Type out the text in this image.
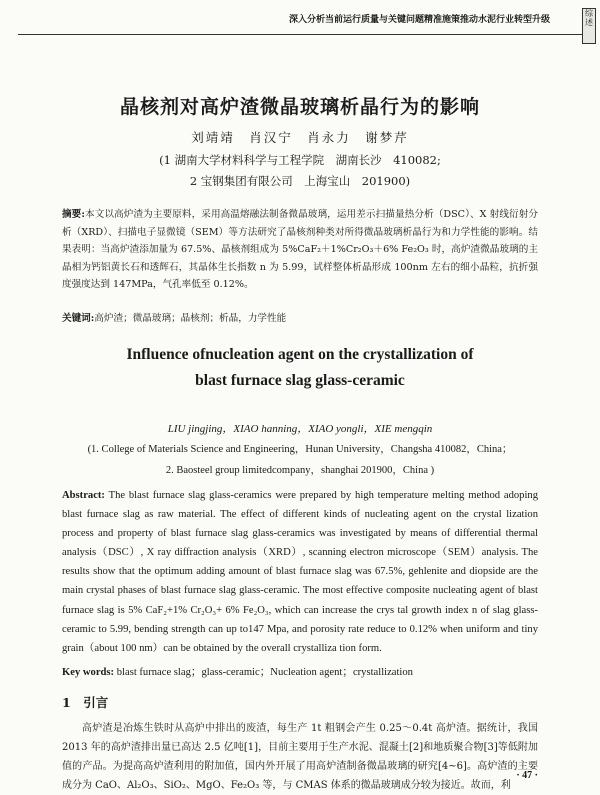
深入分析当前运行质量与关键问题精准施策推动水泥行业转型升级
综述
晶核剂对高炉渣微晶玻璃析晶行为的影响
刘靖靖　肖汉宁　肖永力　谢梦芹
(1 湖南大学材料科学与工程学院　湖南长沙　410082;
2 宝钢集团有限公司　上海宝山　201900)
摘要:本文以高炉渣为主要原料，采用高温熔融法制备微晶玻璃，运用差示扫描量热分析（DSC）、X 射线衍射分析（XRD）、扫描电子显微镜（SEM）等方法研究了晶核剂种类对所得微晶玻璃析晶行为和力学性能的影响。结果表明：当高炉渣添加量为 67.5%、晶核剂组成为 5%CaF₂＋1%Cr₂O₃＋6% Fe₂O₃ 时，高炉渣微晶玻璃的主晶相为钙铝黄长石和透辉石，其晶体生长指数 n 为 5.99，试样整体析晶形成 100nm 左右的细小晶粒，抗折强度强度达到 147MPa，气孔率低至 0.12%。
关键词:高炉渣；微晶玻璃；晶核剂；析晶，力学性能
Influence ofnucleation agent on the crystallization of
blast furnace slag glass-ceramic
LIU jingjing，XIAO hanning，XIAO yongli，XIE mengqin
(1. College of Materials Science and Engineering，Hunan University，Changsha 410082，China；
2. Baosteel group limitedcompany，shanghai 201900，China )
Abstract: The blast furnace slag glass-ceramics were prepared by high temperature melting method adoping blast furnace slag as raw material. The effect of different kinds of nucleating agent on the crystal lization process and property of blast furnace slag glass-ceramics was investigated by means of differential thermal analysis（DSC）, X ray diffraction analysis（XRD）, scanning electron microscope（SEM）analysis. The results show that the optimum adding amount of blast furnace slag was 67.5%, gehlenite and diopside are the main crystal phases of blast furnace slag glass-ceramic. The most effective composite nucleating agent of blast furnace slag is 5% CaF₂+1% Cr₂O₃+ 6% Fe₂O₃, which can increase the crys tal growth index n of slag glass-ceramic to 5.99, bending strength can up to147 Mpa, and porosity rate reduce to 0.12% when uniform and tiny grain（about 100 nm）can be obtained by the overall crystalliza tion form.
Key words: blast furnace slag；glass-ceramic；Nucleation agent；crystallization
1　引言
高炉渣是冶炼生铁时从高炉中排出的废渣，每生产 1t 粗钢会产生 0.25～0.4t 高炉渣。据统计，我国 2013 年的高炉渣排出量已高达 2.5 亿吨[1]，目前主要用于生产水泥、混凝土[2]和地质聚合物[3]等低附加值的产品。为提高高炉渣利用的附加值，国内外开展了用高炉渣制备微晶玻璃的研究[4~6]。高炉渣的主要成分为 CaO、Al₂O₃、SiO₂、MgO、Fe₂O₃ 等，与 CMAS 体系的微晶玻璃成分较为接近。故而，利
· 47 ·
